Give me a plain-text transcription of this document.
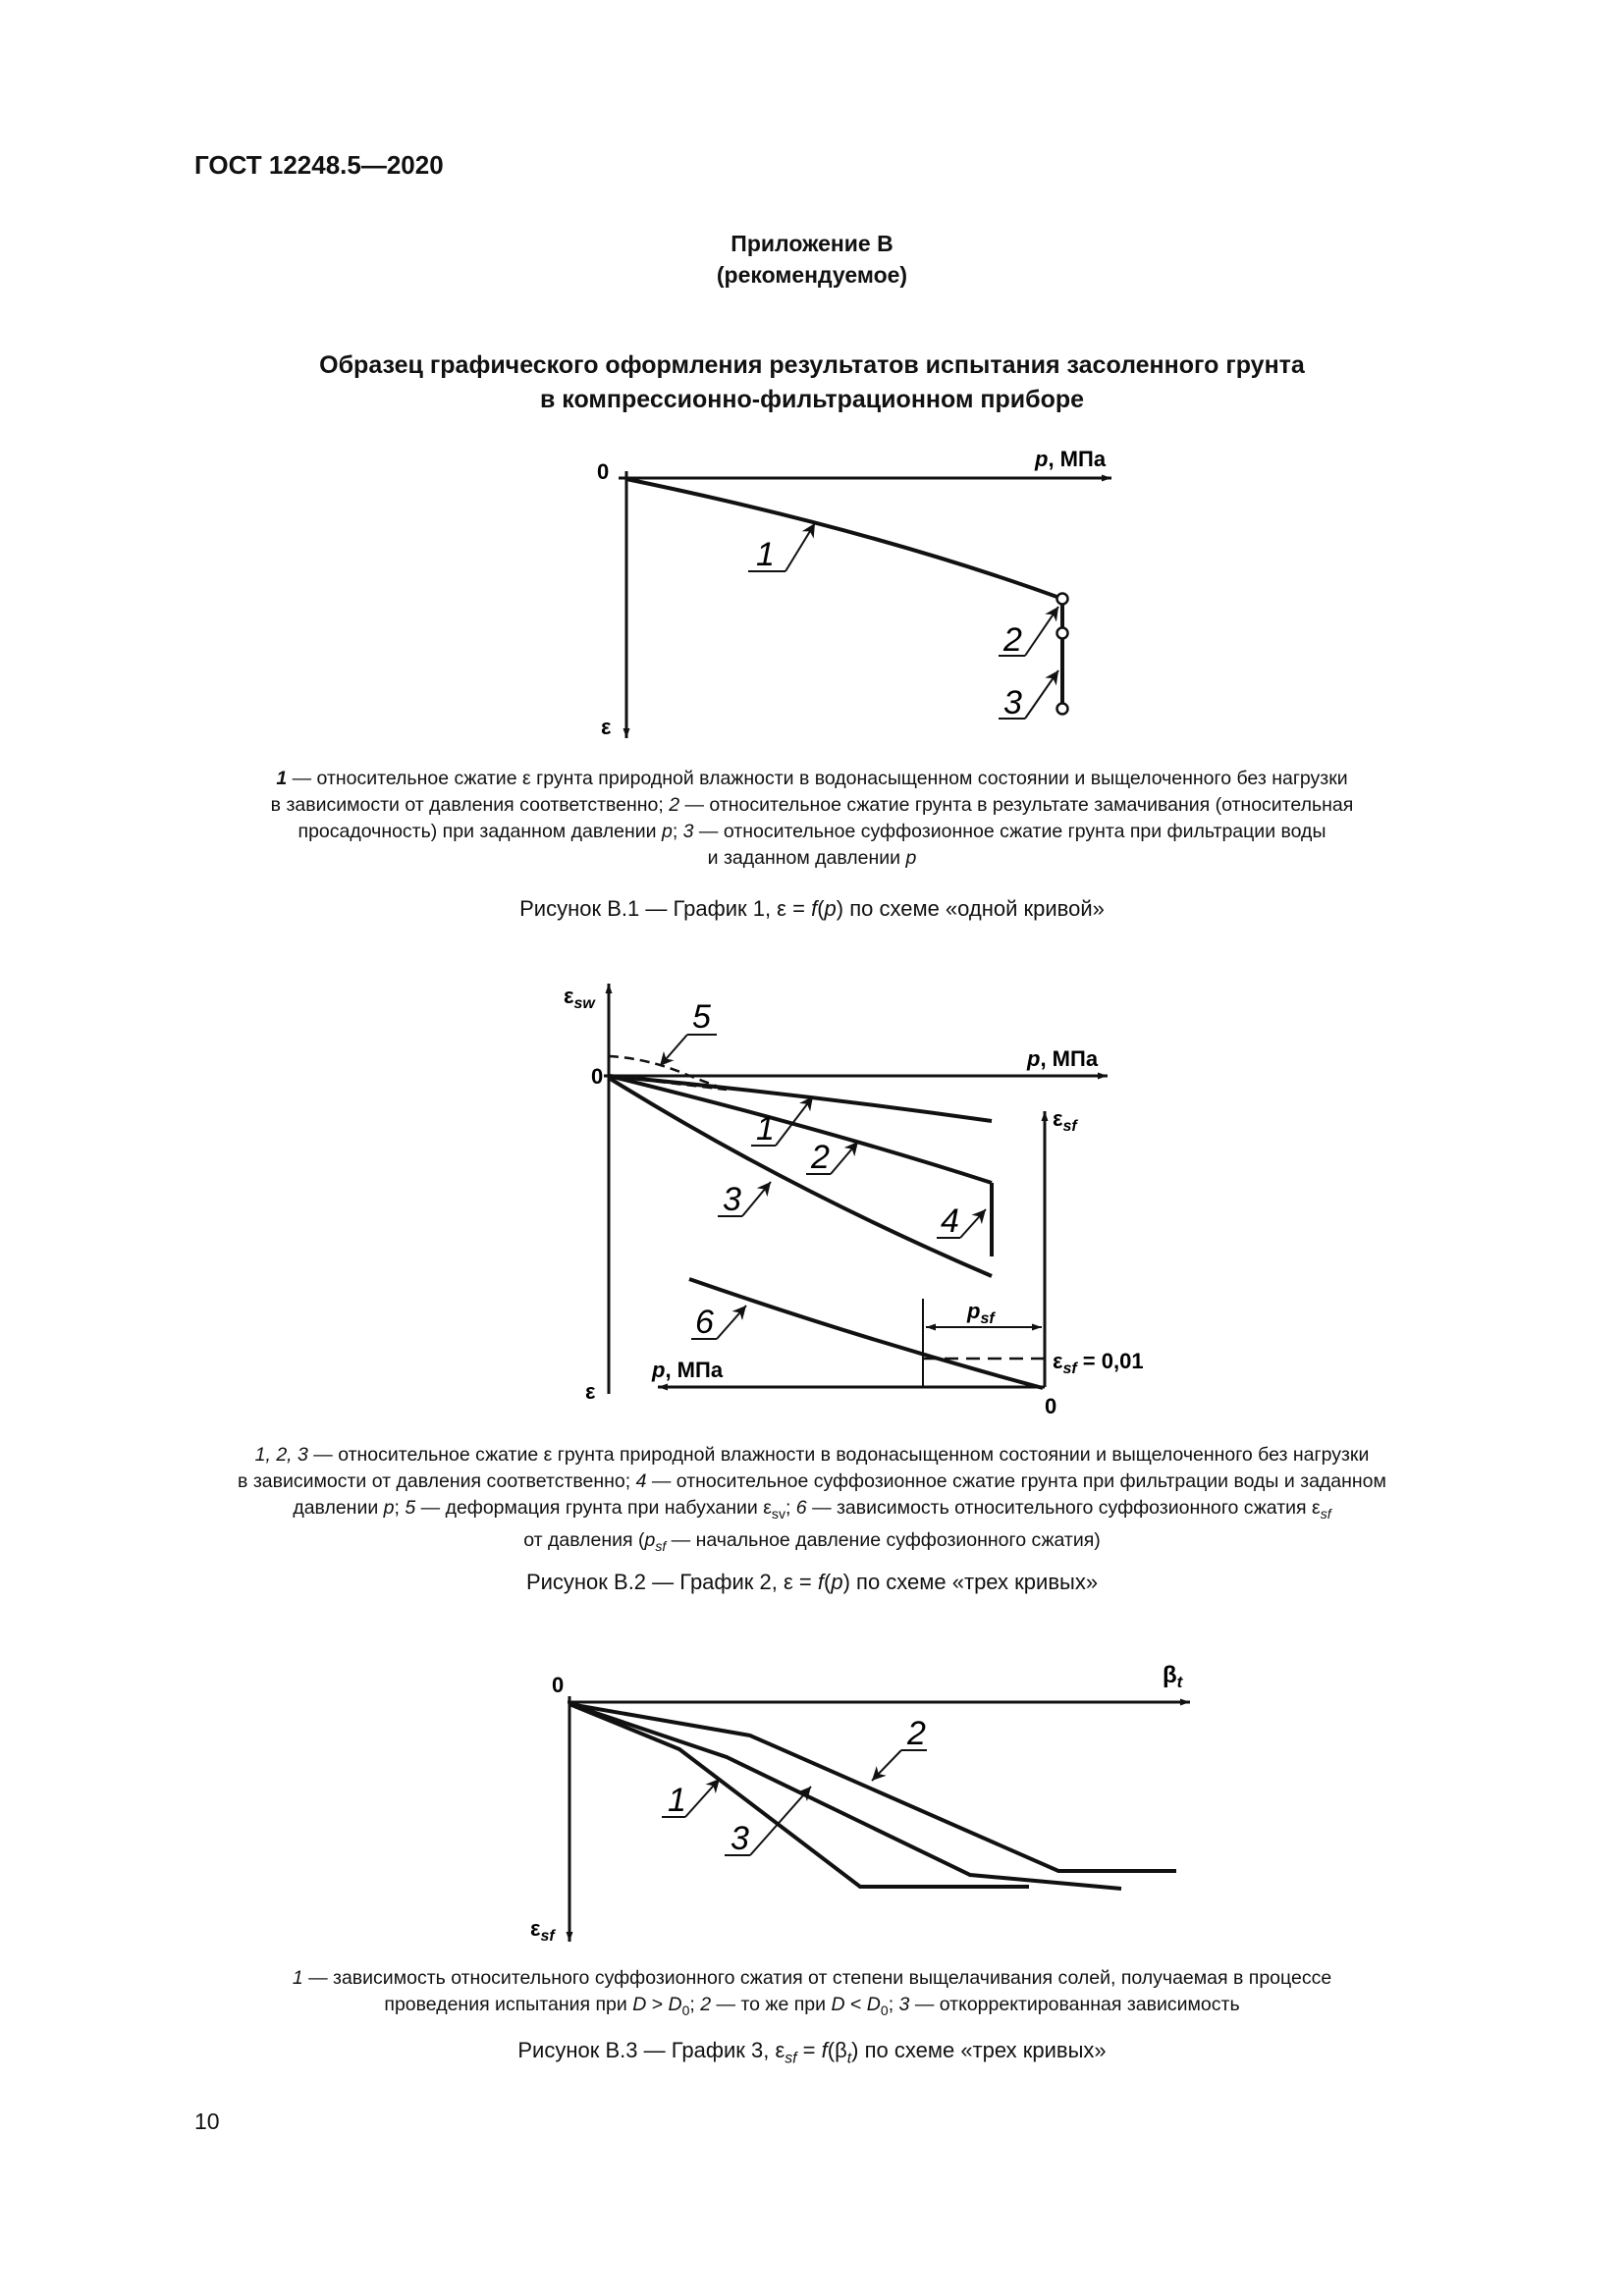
ГОСТ 12248.5—2020
Приложение В
(рекомендуемое)
Образец графического оформления результатов испытания засоленного грунта
в компрессионно-фильтрационном приборе
0
p, МПа
ε
1
2
3
$\varepsilon_{sw}$
0
p, МПа
$\varepsilon_{sf}$
ε
p, МПа
0
$p_{sf}$
$\varepsilon_{sf} = 0,01$
1
2
3
4
5
6
0	$\beta_t$
$\varepsilon_{sf}$
1
2
3
1 — относительное сжатие ε грунта природной влажности в водонасыщенном состоянии и выщелоченного без нагрузки
в зависимости от давления соответственно; 2 — относительное сжатие грунта в результате замачивания (относительная
просадочность) при заданном давлении p; 3 — относительное суффозионное сжатие грунта при фильтрации воды
и заданном давлении p
Рисунок В.1 — График 1, ε = f(p) по схеме «одной кривой»
1, 2, 3 — относительное сжатие ε грунта природной влажности в водонасыщенном состоянии и выщелоченного без нагрузки
в зависимости от давления соответственно; 4 — относительное суффозионное сжатие грунта при фильтрации воды и заданном
давлении p; 5 — деформация грунта при набухании $\varepsilon_{sv}$; 6 — зависимость относительного суффозионного сжатия $\varepsilon_{sf}$
от давления ($p_{sf}$ — начальное давление суффозионного сжатия)
Рисунок В.2 — График 2, ε = f(p) по схеме «трех кривых»
1 — зависимость относительного суффозионного сжатия от степени выщелачивания солей, получаемая в процессе
проведения испытания при $D > D_0$; 2 — то же при $D < D_0$; 3 — откорректированная зависимость
Рисунок В.3 — График 3, $\varepsilon_{sf} = f(\beta_t)$ по схеме «трех кривых»
10
